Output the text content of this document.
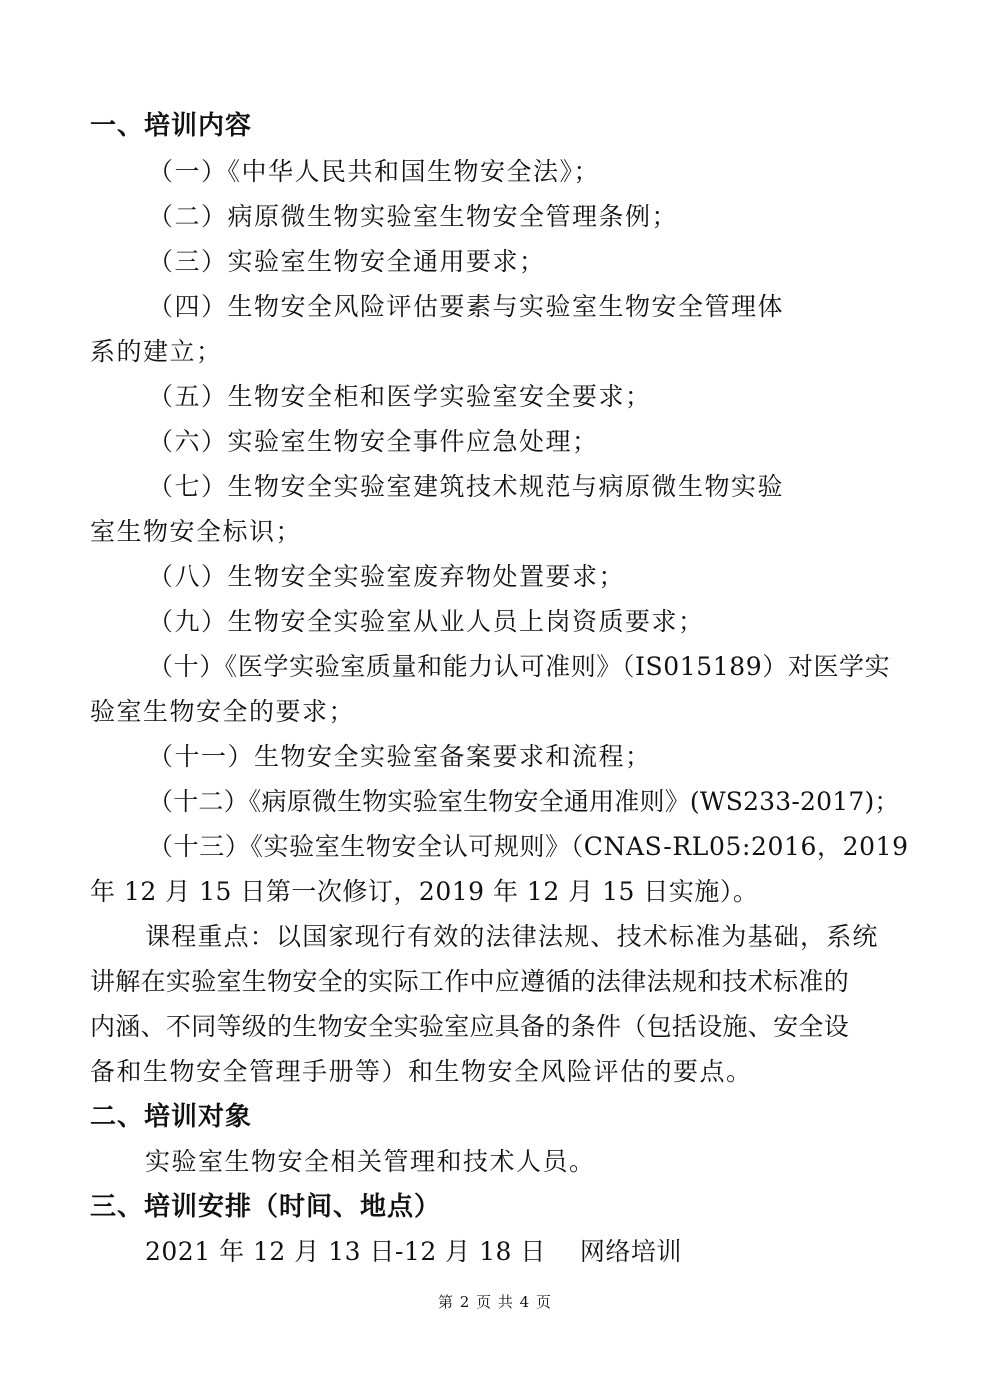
一、培训内容
（一）《中华人民共和国生物安全法》；
（二）病原微生物实验室生物安全管理条例；
（三）实验室生物安全通用要求；
（四）生物安全风险评估要素与实验室生物安全管理体
系的建立；
（五）生物安全柜和医学实验室安全要求；
（六）实验室生物安全事件应急处理；
（七）生物安全实验室建筑技术规范与病原微生物实验
室生物安全标识；
（八）生物安全实验室废弃物处置要求；
（九）生物安全实验室从业人员上岗资质要求；
（十）《医学实验室质量和能力认可准则》（IS015189）对医学实
验室生物安全的要求；
（十一）生物安全实验室备案要求和流程；
（十二）《病原微生物实验室生物安全通用准则》(WS233-2017)；
（十三）《实验室生物安全认可规则》（CNAS-RL05:2016，2019
年 12 月 15 日第一次修订，2019 年 12 月 15 日实施）。
课程重点：以国家现行有效的法律法规、技术标准为基础，系统
讲解在实验室生物安全的实际工作中应遵循的法律法规和技术标准的
内涵、不同等级的生物安全实验室应具备的条件（包括设施、安全设
备和生物安全管理手册等）和生物安全风险评估的要点。
二、培训对象
实验室生物安全相关管理和技术人员。
三、培训安排（时间、地点）
2021 年 12 月 13 日-12 月 18 日　 网络培训
第 2 页 共 4 页
